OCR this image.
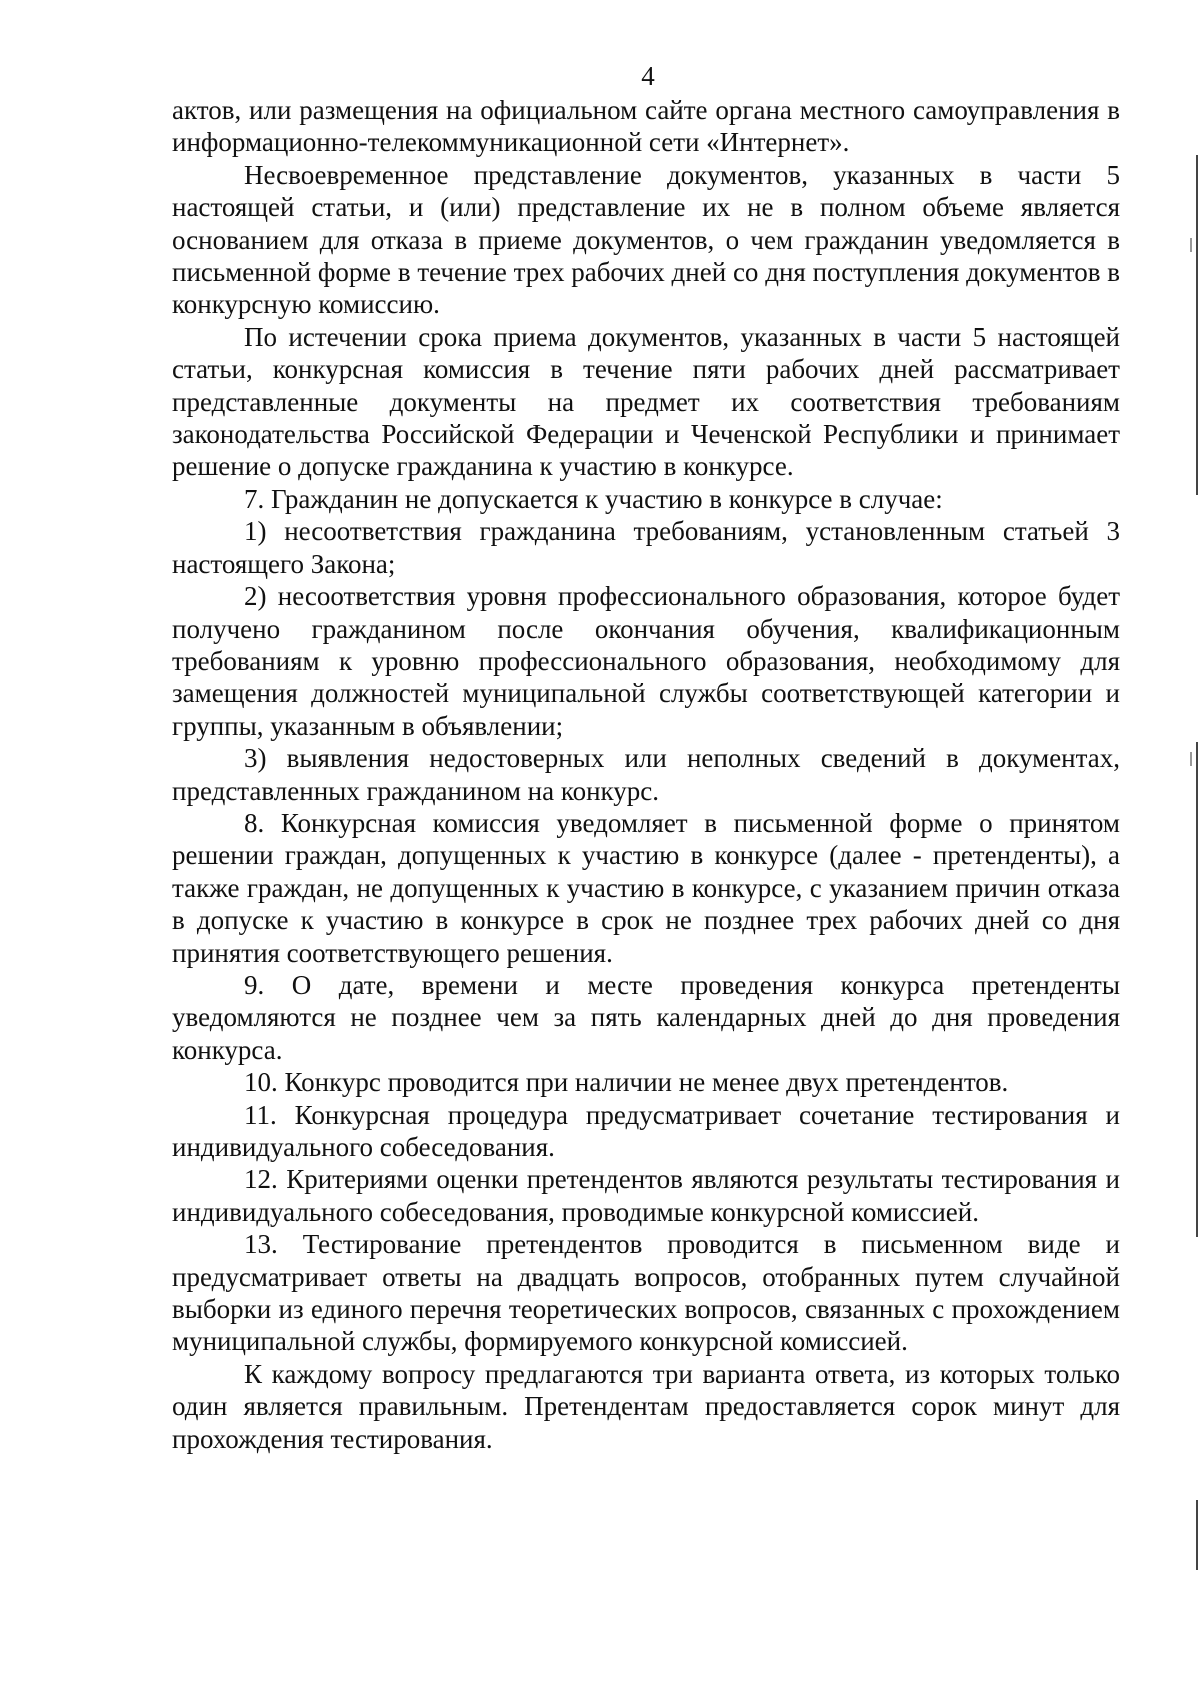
4

актов, или размещения на официальном сайте органа местного самоуправления в информационно-телекоммуникационной сети «Интернет».

Несвоевременное представление документов, указанных в части 5 настоящей статьи, и (или) представление их не в полном объеме является основанием для отказа в приеме документов, о чем гражданин уведомляется в письменной форме в течение трех рабочих дней со дня поступления документов в конкурсную комиссию.

По истечении срока приема документов, указанных в части 5 настоящей статьи, конкурсная комиссия в течение пяти рабочих дней рассматривает представленные документы на предмет их соответствия требованиям законодательства Российской Федерации и Чеченской Республики и принимает решение о допуске гражданина к участию в конкурсе.

7. Гражданин не допускается к участию в конкурсе в случае:

1) несоответствия гражданина требованиям, установленным статьей 3 настоящего Закона;

2) несоответствия уровня профессионального образования, которое будет получено гражданином после окончания обучения, квалификационным требованиям к уровню профессионального образования, необходимому для замещения должностей муниципальной службы соответствующей категории и группы, указанным в объявлении;

3) выявления недостоверных или неполных сведений в документах, представленных гражданином на конкурс.

8. Конкурсная комиссия уведомляет в письменной форме о принятом решении граждан, допущенных к участию в конкурсе (далее - претенденты), а также граждан, не допущенных к участию в конкурсе, с указанием причин отказа в допуске к участию в конкурсе в срок не позднее трех рабочих дней со дня принятия соответствующего решения.

9. О дате, времени и месте проведения конкурса претенденты уведомляются не позднее чем за пять календарных дней до дня проведения конкурса.

10. Конкурс проводится при наличии не менее двух претендентов.

11. Конкурсная процедура предусматривает сочетание тестирования и индивидуального собеседования.

12. Критериями оценки претендентов являются результаты тестирования и индивидуального собеседования, проводимые конкурсной комиссией.

13. Тестирование претендентов проводится в письменном виде и предусматривает ответы на двадцать вопросов, отобранных путем случайной выборки из единого перечня теоретических вопросов, связанных с прохождением муниципальной службы, формируемого конкурсной комиссией.

К каждому вопросу предлагаются три варианта ответа, из которых только один является правильным. Претендентам предоставляется сорок минут для прохождения тестирования.
